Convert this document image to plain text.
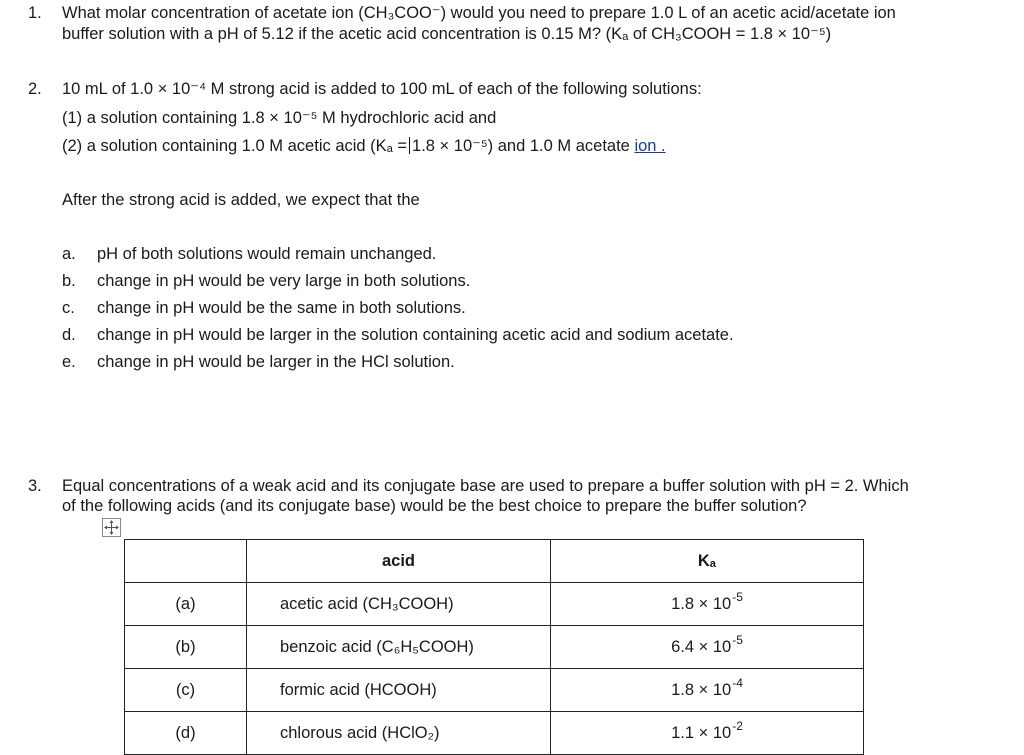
1. What molar concentration of acetate ion (CH₃COO⁻) would you need to prepare 1.0 L of an acetic acid/acetate ion
buffer solution with a pH of 5.12 if the acetic acid concentration is 0.15 M? (Kₐ of CH₃COOH = 1.8 × 10⁻⁵)
2. 10 mL of 1.0 × 10⁻⁴ M strong acid is added to 100 mL of each of the following solutions:
(1) a solution containing 1.8 × 10⁻⁵ M hydrochloric acid and
(2) a solution containing 1.0 M acetic acid (Kₐ = 1.8 × 10⁻⁵) and 1.0 M acetate ion .
After the strong acid is added, we expect that the
a. pH of both solutions would remain unchanged.
b. change in pH would be very large in both solutions.
c. change in pH would be the same in both solutions.
d. change in pH would be larger in the solution containing acetic acid and sodium acetate.
e. change in pH would be larger in the HCl solution.
3. Equal concentrations of a weak acid and its conjugate base are used to prepare a buffer solution with pH = 2. Which
of the following acids (and its conjugate base) would be the best choice to prepare the buffer solution?
	acid	Kₐ
(a)	acetic acid (CH₃COOH)	$1.8 \times 10^{-5}$
(b)	benzoic acid (C₆H₅COOH)	$6.4 \times 10^{-5}$
(c)	formic acid (HCOOH)	$1.8 \times 10^{-4}$
(d)	chlorous acid (HClO₂)	$1.1 \times 10^{-2}$
